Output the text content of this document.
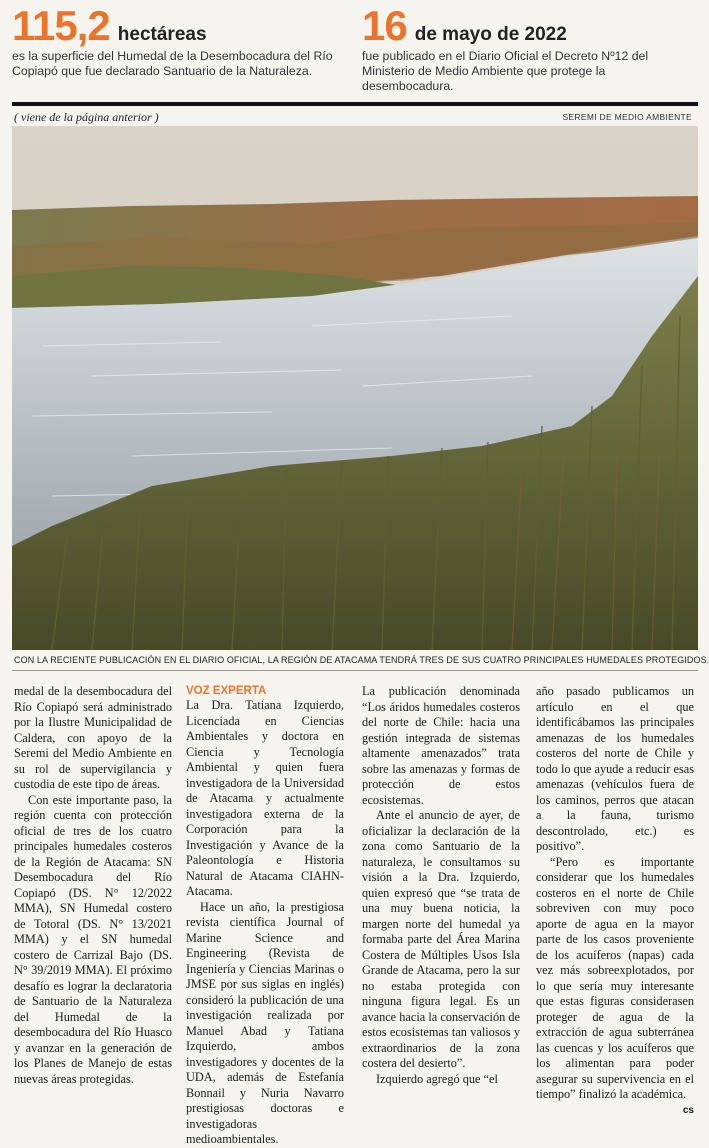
115,2 hectáreas
es la superficie del Humedal de la Desembocadura del Río Copiapó que fue declarado Santuario de la Naturaleza.
16 de mayo de 2022
fue publicado en el Diario Oficial el Decreto Nº12 del Ministerio de Medio Ambiente que protege la desembocadura.
( viene de la página anterior )	SEREMI DE MEDIO AMBIENTE
CON LA RECIENTE PUBLICACIÓN EN EL DIARIO OFICIAL, LA REGIÓN DE ATACAMA TENDRÁ TRES DE SUS CUATRO PRINCIPALES HUMEDALES PROTEGIDOS.

medal de la desembocadura del Río Copiapó será administrado por la Ilustre Municipalidad de Caldera, con apoyo de la Seremi del Medio Ambiente en su rol de supervigilancia y custodia de este tipo de áreas.

Con este importante paso, la región cuenta con protección oficial de tres de los cuatro principales humedales costeros de la Región de Atacama: SN Desembocadura del Río Copiapó (DS. N° 12/2022 MMA), SN Humedal costero de Totoral (DS. N° 13/2021 MMA) y el SN humedal costero de Carrizal Bajo (DS. N° 39/2019 MMA). El próximo desafío es lograr la declaratoria de Santuario de la Naturaleza del Humedal de la desembocadura del Río Huasco y avanzar en la generación de los Planes de Manejo de estas nuevas áreas protegidas.

VOZ EXPERTA

La Dra. Tatiana Izquierdo, Licenciada en Ciencias Ambientales y doctora en Ciencia y Tecnología Ambiental y quien fuera investigadora de la Universidad de Atacama y actualmente investigadora externa de la Corporación para la Investigación y Avance de la Paleontología e Historia Natural de Atacama CIAHN-Atacama.

Hace un año, la prestigiosa revista científica Journal of Marine Science and Engineering (Revista de Ingeniería y Ciencias Marinas o JMSE por sus siglas en inglés) consideró la publicación de una investigación realizada por Manuel Abad y Tatiana Izquierdo, ambos investigadores y docentes de la UDA, además de Estefanía Bonnail y Nuria Navarro prestigiosas doctoras e investigadoras medioambientales.

La publicación denominada “Los áridos humedales costeros del norte de Chile: hacia una gestión integrada de sistemas altamente amenazados” trata sobre las amenazas y formas de protección de estos ecosistemas.

Ante el anuncio de ayer, de oficializar la declaración de la zona como Santuario de la naturaleza, le consultamos su visión a la Dra. Izquierdo, quien expresó que “se trata de una muy buena noticia, la margen norte del humedal ya formaba parte del Área Marina Costera de Múltiples Usos Isla Grande de Atacama, pero la sur no estaba protegida con ninguna figura legal. Es un avance hacia la conservación de estos ecosistemas tan valiosos y extraordinarios de la zona costera del desierto”.

Izquierdo agregó que “el

año pasado publicamos un artículo en el que identificábamos las principales amenazas de los humedales costeros del norte de Chile y todo lo que ayude a reducir esas amenazas (vehículos fuera de los caminos, perros que atacan a la fauna, turismo descontrolado, etc.) es positivo”.

“Pero es importante considerar que los humedales costeros en el norte de Chile sobreviven con muy poco aporte de agua en la mayor parte de los casos proveniente de los acuíferos (napas) cada vez más sobreexplotados, por lo que sería muy interesante que estas figuras considerasen proteger de agua de la extracción de agua subterránea las cuencas y los acuíferos que los alimentan para poder asegurar su supervivencia en el tiempo” finalizó la académica.
cs
